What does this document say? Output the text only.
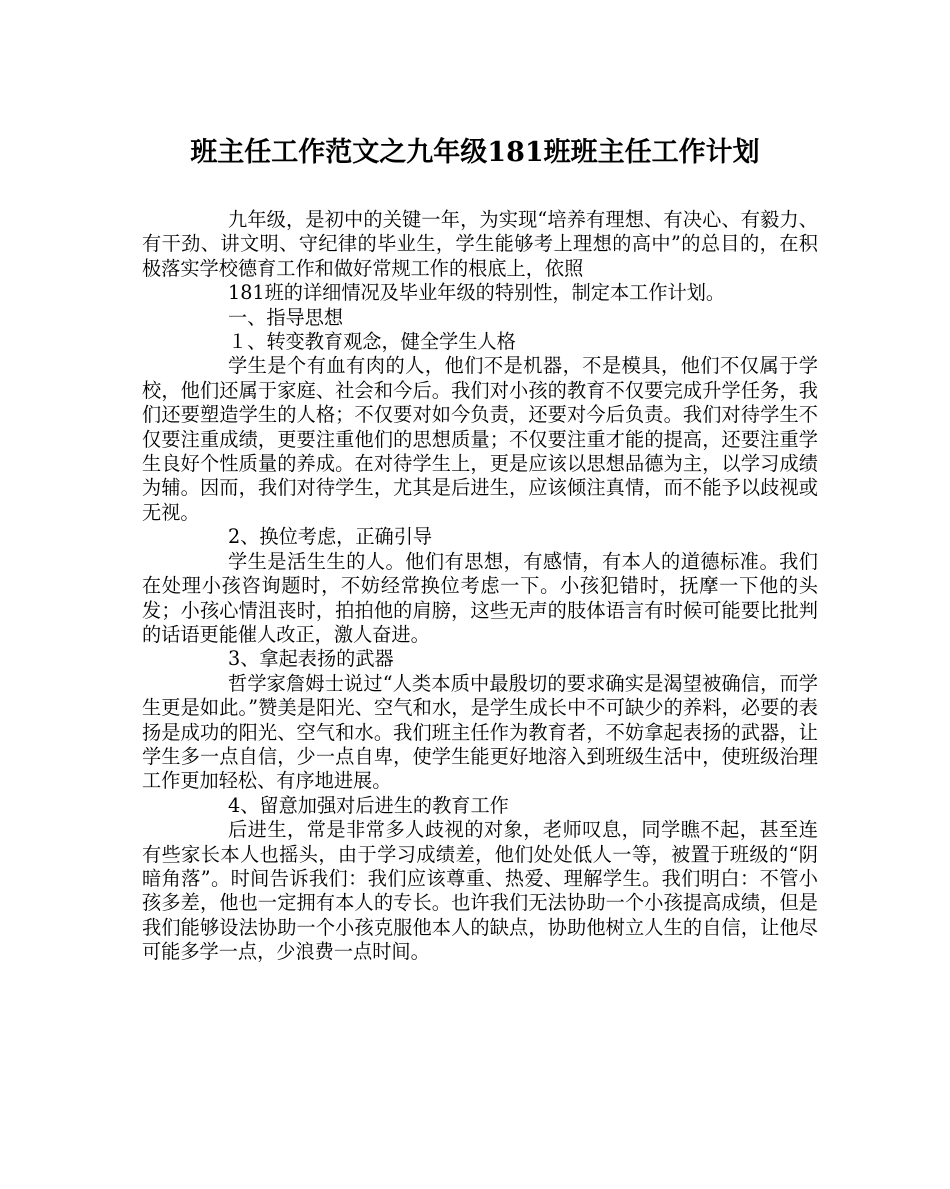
班主任工作范文之九年级181班班主任工作计划

九年级，是初中的关键一年，为实现“培养有理想、有决心、有毅力、有干劲、讲文明、守纪律的毕业生，学生能够考上理想的高中”的总目的，在积极落实学校德育工作和做好常规工作的根底上，依照

181班的详细情况及毕业年级的特别性，制定本工作计划。

一、指导思想

１、转变教育观念，健全学生人格

学生是个有血有肉的人，他们不是机器，不是模具，他们不仅属于学校，他们还属于家庭、社会和今后。我们对小孩的教育不仅要完成升学任务，我们还要塑造学生的人格；不仅要对如今负责，还要对今后负责。我们对待学生不仅要注重成绩，更要注重他们的思想质量；不仅要注重才能的提高，还要注重学生良好个性质量的养成。在对待学生上，更是应该以思想品德为主，以学习成绩为辅。因而，我们对待学生，尤其是后进生，应该倾注真情，而不能予以歧视或无视。

2、换位考虑，正确引导

学生是活生生的人。他们有思想，有感情，有本人的道德标准。我们在处理小孩咨询题时，不妨经常换位考虑一下。小孩犯错时，抚摩一下他的头发；小孩心情沮丧时，拍拍他的肩膀，这些无声的肢体语言有时候可能要比批判的话语更能催人改正，激人奋进。

3、拿起表扬的武器

哲学家詹姆士说过“人类本质中最殷切的要求确实是渴望被确信，而学生更是如此。”赞美是阳光、空气和水，是学生成长中不可缺少的养料，必要的表扬是成功的阳光、空气和水。我们班主任作为教育者，不妨拿起表扬的武器，让学生多一点自信，少一点自卑，使学生能更好地溶入到班级生活中，使班级治理工作更加轻松、有序地进展。

4、留意加强对后进生的教育工作

后进生，常是非常多人歧视的对象，老师叹息，同学瞧不起，甚至连有些家长本人也摇头，由于学习成绩差，他们处处低人一等，被置于班级的“阴暗角落”。时间告诉我们：我们应该尊重、热爱、理解学生。我们明白：不管小孩多差，他也一定拥有本人的专长。也许我们无法协助一个小孩提高成绩，但是我们能够设法协助一个小孩克服他本人的缺点，协助他树立人生的自信，让他尽可能多学一点，少浪费一点时间。
